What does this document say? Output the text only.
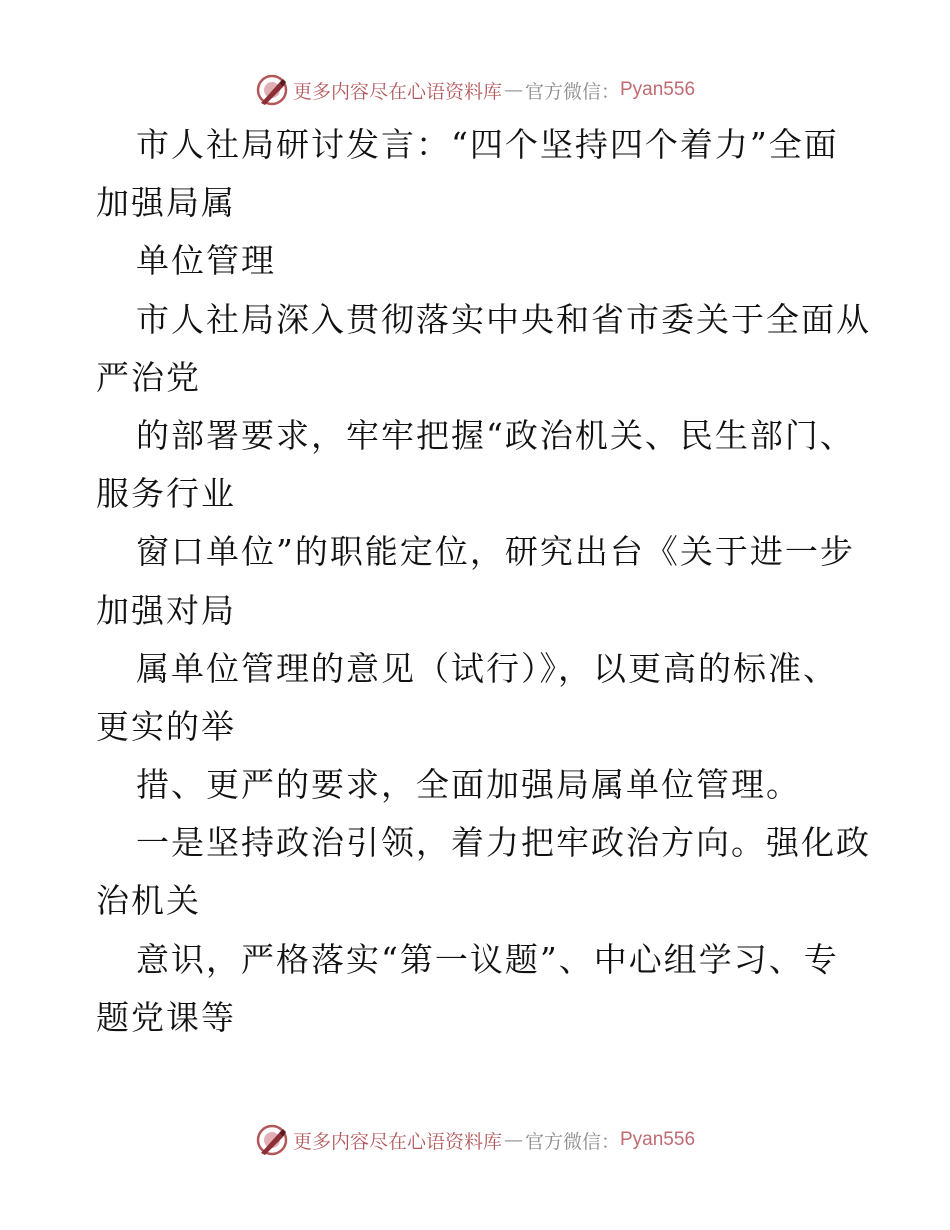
更多内容尽在心语资料库 — 官方微信： Pyan556
市人社局研讨发言：“四个坚持四个着力”全面
加强局属
单位管理
市人社局深入贯彻落实中央和省市委关于全面从
严治党
的部署要求，牢牢把握“政治机关、民生部门、
服务行业
窗口单位”的职能定位，研究出台《关于进一步
加强对局
属单位管理的意见（试行）》，以更高的标准、
更实的举
措、更严的要求，全面加强局属单位管理。
一是坚持政治引领，着力把牢政治方向。强化政
治机关
意识，严格落实“第一议题”、中心组学习、专
题党课等
更多内容尽在心语资料库 — 官方微信： Pyan556
